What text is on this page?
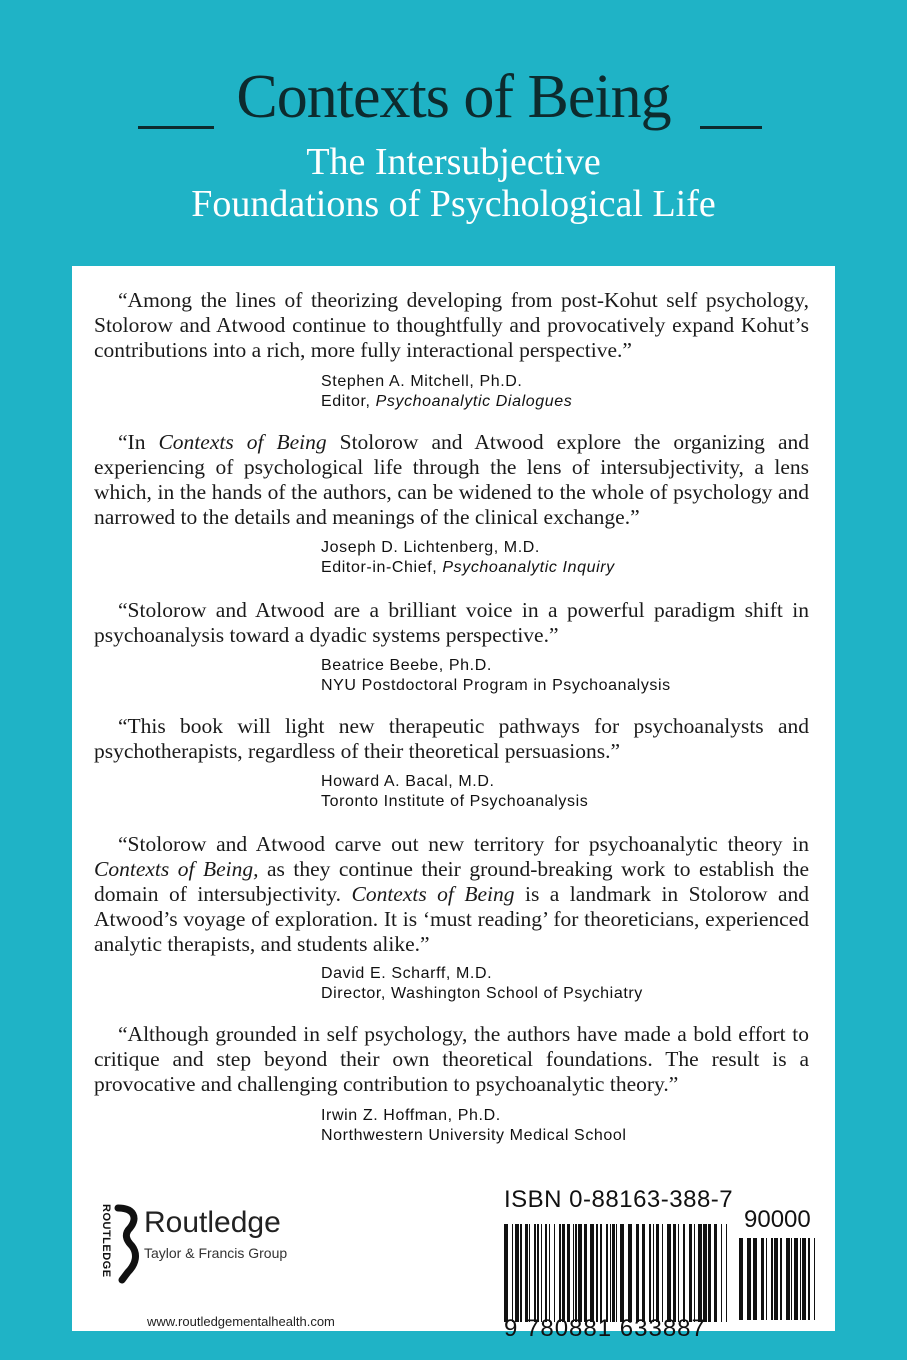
Contexts of Being
The Intersubjective
Foundations of Psychological Life

“Among the lines of theorizing developing from post-Kohut self psychology, Stolorow and Atwood continue to thoughtfully and provocatively expand Kohut’s contributions into a rich, more fully interactional perspective.”

Stephen A. Mitchell, Ph.D.
Editor, Psychoanalytic Dialogues

“In Contexts of Being Stolorow and Atwood explore the organizing and experiencing of psychological life through the lens of intersubjectivity, a lens which, in the hands of the authors, can be widened to the whole of psychology and narrowed to the details and meanings of the clinical exchange.”

Joseph D. Lichtenberg, M.D.
Editor-in-Chief, Psychoanalytic Inquiry

“Stolorow and Atwood are a brilliant voice in a powerful paradigm shift in psychoanalysis toward a dyadic systems perspective.”

Beatrice Beebe, Ph.D.
NYU Postdoctoral Program in Psychoanalysis

“This book will light new therapeutic pathways for psychoanalysts and psychotherapists, regardless of their theoretical persuasions.”

Howard A. Bacal, M.D.
Toronto Institute of Psychoanalysis

“Stolorow and Atwood carve out new territory for psychoanalytic theory in Contexts of Being, as they continue their ground-breaking work to establish the domain of intersubjectivity. Contexts of Being is a landmark in Stolorow and Atwood’s voyage of exploration. It is ‘must reading’ for theoreticians, experienced analytic therapists, and students alike.”

David E. Scharff, M.D.
Director, Washington School of Psychiatry

“Although grounded in self psychology, the authors have made a bold effort to critique and step beyond their own theoretical foundations. The result is a provocative and challenging contribution to psychoanalytic theory.”

Irwin Z. Hoffman, Ph.D.
Northwestern University Medical School
ROUTLEDGE Routledge
Taylor & Francis Group
www.routledgementalhealth.com
ISBN 0-88163-388-7
9 780881 633887
90000
